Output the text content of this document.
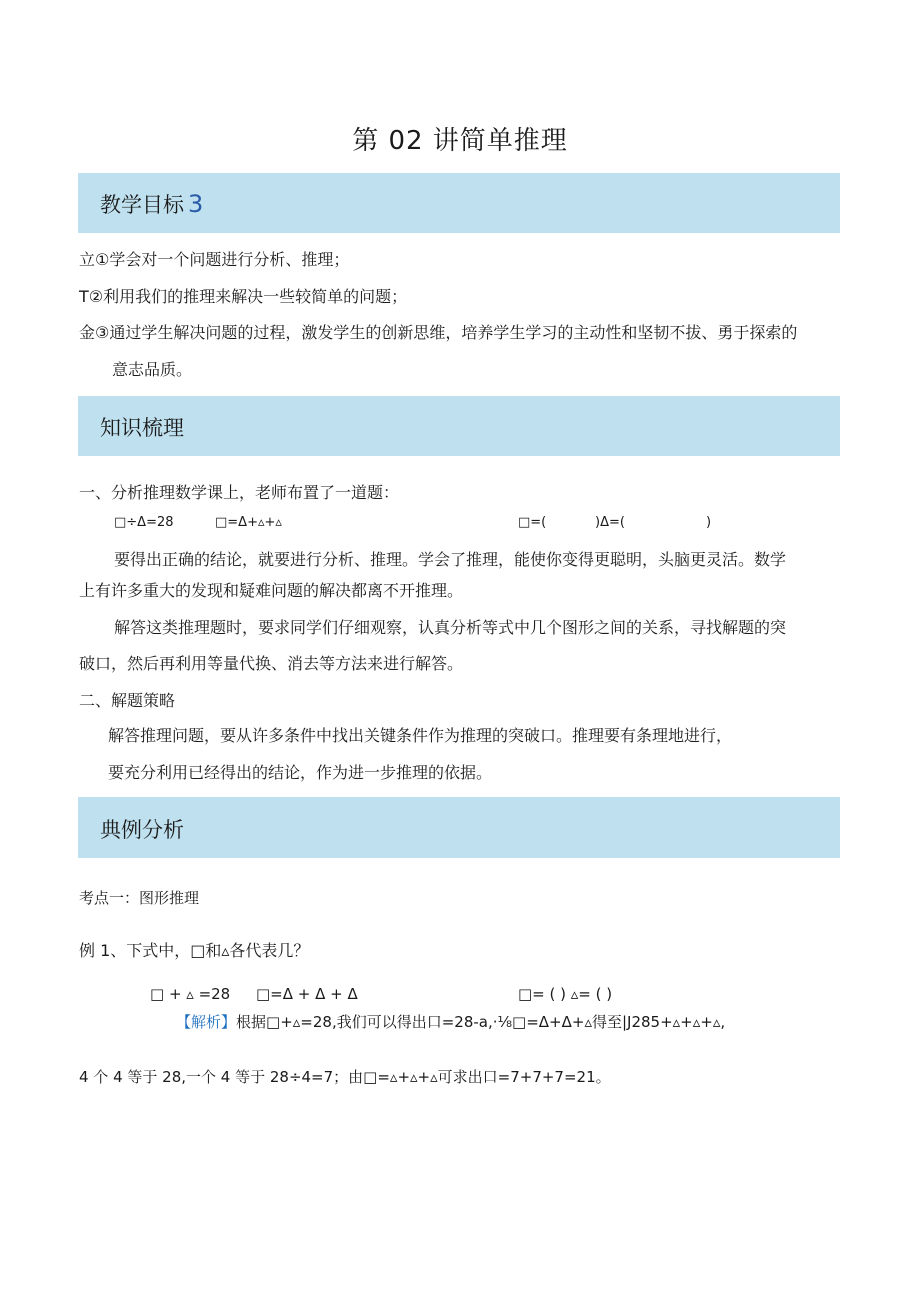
第 02 讲简单推理
教学目标 3
立①学会对一个问题进行分析、推理；
T②利用我们的推理来解决一些较简单的问题；
金③通过学生解决问题的过程，激发学生的创新思维，培养学生学习的主动性和坚韧不拔、勇于探索的
意志品质。
知识梳理
一、分析推理数学课上，老师布置了一道题：
□÷Δ=28	□=Δ+▵+▵	□=(	)Δ=(	)
要得出正确的结论，就要进行分析、推理。学会了推理，能使你变得更聪明，头脑更灵活。数学
上有许多重大的发现和疑难问题的解决都离不开推理。
解答这类推理题时，要求同学们仔细观察，认真分析等式中几个图形之间的关系，寻找解题的突
破口，然后再利用等量代换、消去等方法来进行解答。
二、解题策略
解答推理问题，要从许多条件中找出关键条件作为推理的突破口。推理要有条理地进行，
要充分利用已经得出的结论，作为进一步推理的依据。
典例分析
考点一：图形推理
例 1、下式中，□和▵各代表几？
□ + ▵ =28 □=Δ + Δ + Δ	□= ( ) ▵= ( )
【解析】根据□+▵=28,我们可以得出口=28-a,·⅛□=Δ+Δ+▵得至|J285+▵+▵+▵,
4 个 4 等于 28,一个 4 等于 28÷4=7；由□=▵+▵+▵可求出口=7+7+7=21。
